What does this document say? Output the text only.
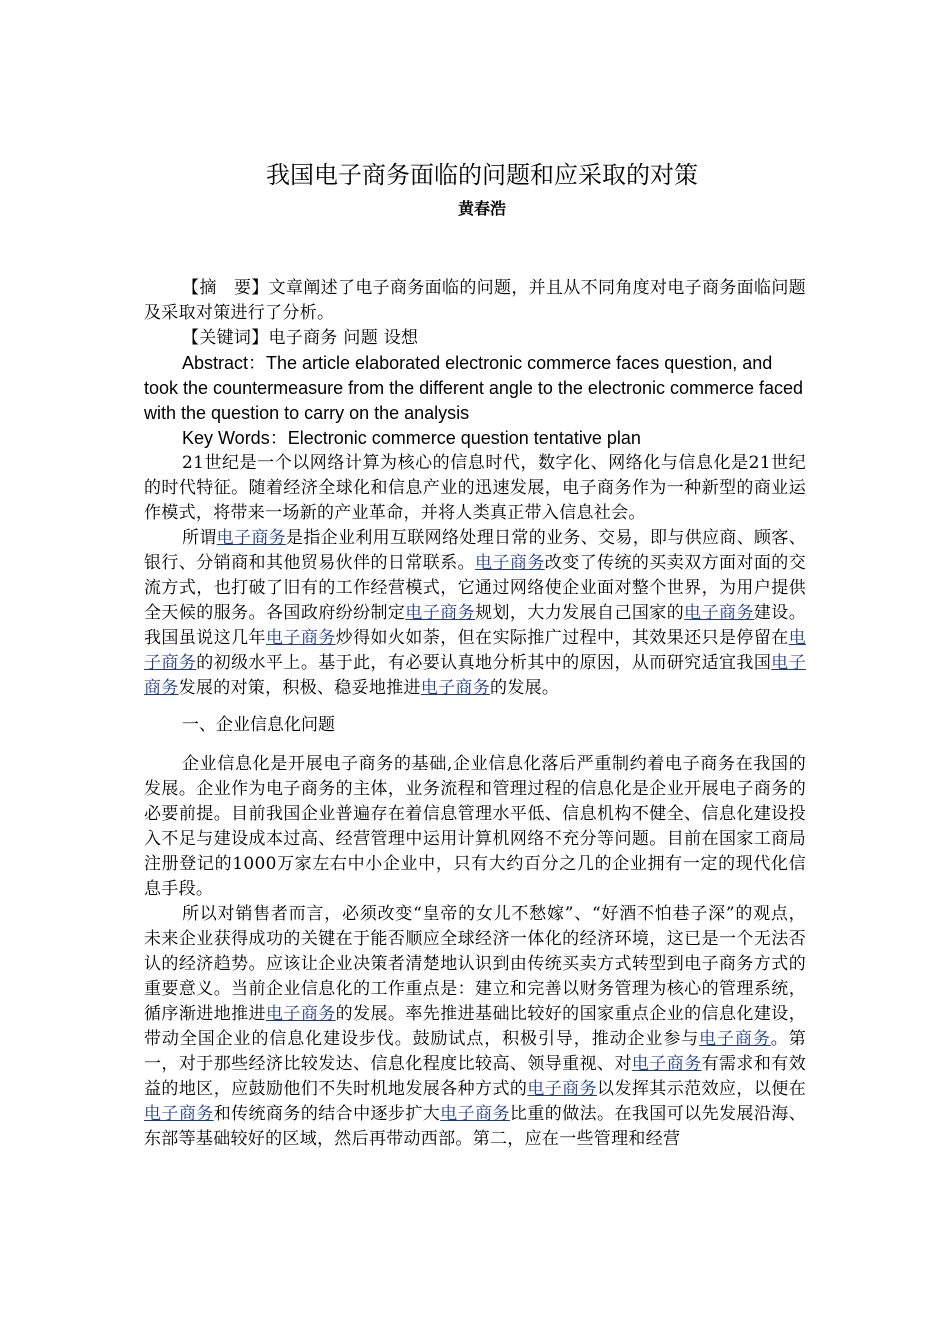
我国电子商务面临的问题和应采取的对策
黄春浩

【摘　要】文章阐述了电子商务面临的问题，并且从不同角度对电子商务面临问题及采取对策进行了分析。

【关键词】电子商务 问题 设想

Abstract：The article elaborated electronic commerce faces question, and took the countermeasure from the different angle to the electronic commerce faced with the question to carry on the analysis

Key Words：Electronic commerce question tentative plan

21世纪是一个以网络计算为核心的信息时代，数字化、网络化与信息化是21世纪的时代特征。随着经济全球化和信息产业的迅速发展，电子商务作为一种新型的商业运作模式，将带来一场新的产业革命，并将人类真正带入信息社会。

所谓电子商务是指企业利用互联网络处理日常的业务、交易，即与供应商、顾客、银行、分销商和其他贸易伙伴的日常联系。电子商务改变了传统的买卖双方面对面的交流方式，也打破了旧有的工作经营模式，它通过网络使企业面对整个世界，为用户提供全天候的服务。各国政府纷纷制定电子商务规划，大力发展自己国家的电子商务建设。我国虽说这几年电子商务炒得如火如荼，但在实际推广过程中，其效果还只是停留在电子商务的初级水平上。基于此，有必要认真地分析其中的原因，从而研究适宜我国电子商务发展的对策，积极、稳妥地推进电子商务的发展。

一、企业信息化问题

企业信息化是开展电子商务的基础,企业信息化落后严重制约着电子商务在我国的发展。企业作为电子商务的主体，业务流程和管理过程的信息化是企业开展电子商务的必要前提。目前我国企业普遍存在着信息管理水平低、信息机构不健全、信息化建设投入不足与建设成本过高、经营管理中运用计算机网络不充分等问题。目前在国家工商局注册登记的1000万家左右中小企业中，只有大约百分之几的企业拥有一定的现代化信息手段。

所以对销售者而言，必须改变“皇帝的女儿不愁嫁”、“好酒不怕巷子深”的观点，未来企业获得成功的关键在于能否顺应全球经济一体化的经济环境，这已是一个无法否认的经济趋势。应该让企业决策者清楚地认识到由传统买卖方式转型到电子商务方式的重要意义。当前企业信息化的工作重点是：建立和完善以财务管理为核心的管理系统，循序渐进地推进电子商务的发展。率先推进基础比较好的国家重点企业的信息化建设，带动全国企业的信息化建设步伐。鼓励试点，积极引导，推动企业参与电子商务。第一，对于那些经济比较发达、信息化程度比较高、领导重视、对电子商务有需求和有效益的地区，应鼓励他们不失时机地发展各种方式的电子商务以发挥其示范效应，以便在电子商务和传统商务的结合中逐步扩大电子商务比重的做法。在我国可以先发展沿海、东部等基础较好的区域，然后再带动西部。第二，应在一些管理和经营
